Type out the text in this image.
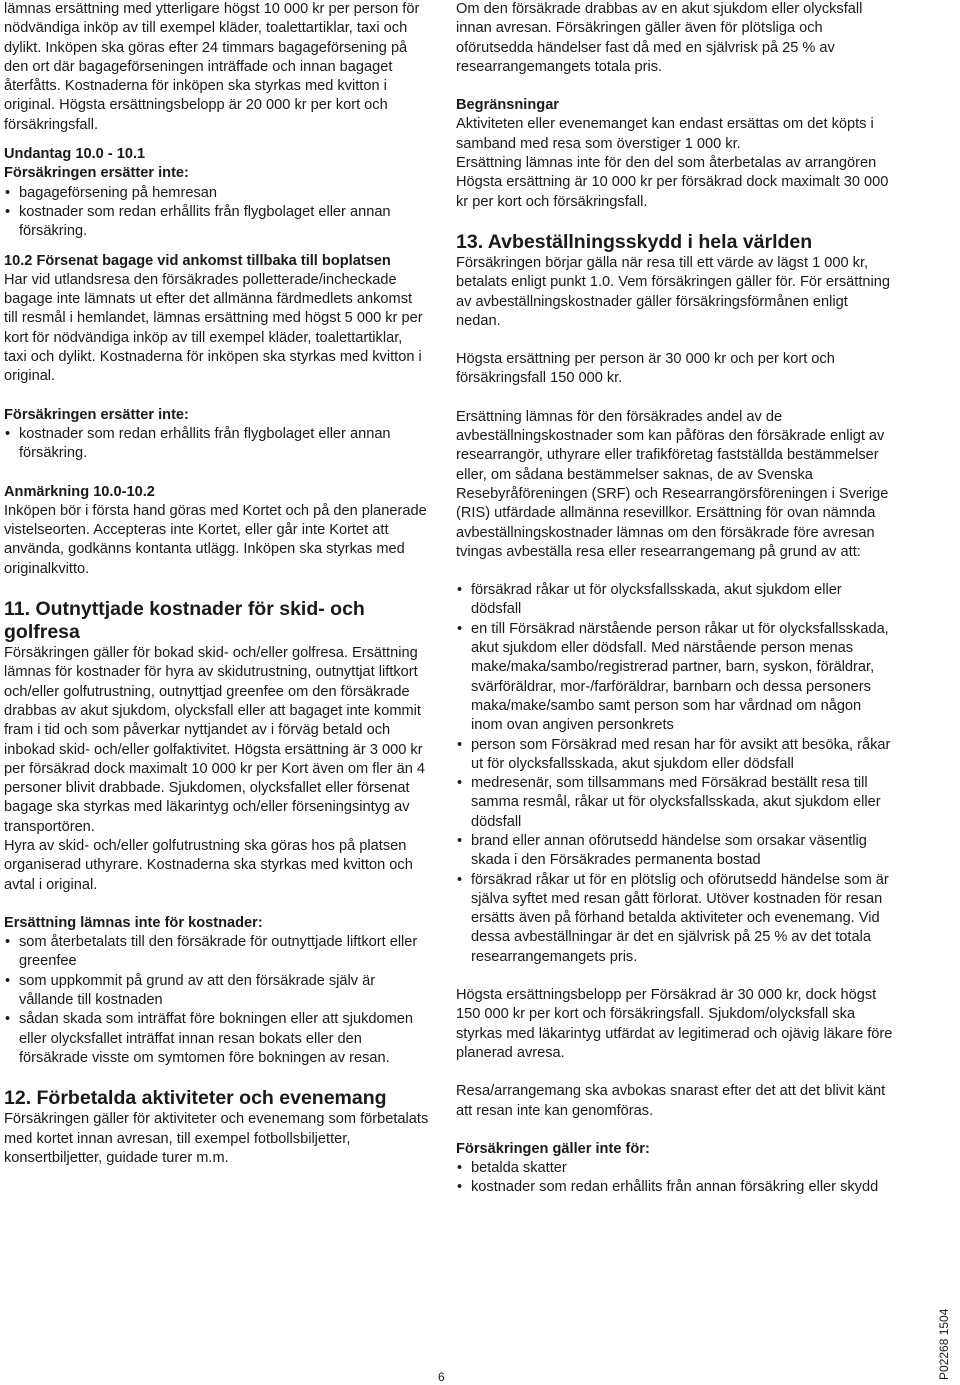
lämnas ersättning med ytterligare högst 10 000 kr per person för nödvändiga inköp av till exempel kläder, toalettartiklar, taxi och dylikt. Inköpen ska göras efter 24 timmars bagageförsening på den ort där bagageförseningen inträffade och innan bagaget återfåtts. Kostnaderna för inköpen ska styrkas med kvitton i original. Högsta ersättningsbelopp är 20 000 kr per kort och försäkringsfall.

Undantag 10.0 - 10.1

Försäkringen ersätter inte:

• bagageförsening på hemresan
• kostnader som redan erhållits från flygbolaget eller annan försäkring.

10.2 Försenat bagage vid ankomst tillbaka till boplatsen

Har vid utlandsresa den försäkrades polletterade/incheckade bagage inte lämnats ut efter det allmänna färdmedlets ankomst till resmål i hemlandet, lämnas ersättning med högst 5 000 kr per kort för nödvändiga inköp av till exempel kläder, toalettartiklar, taxi och dylikt. Kostnaderna för inköpen ska styrkas med kvitton i original.

Försäkringen ersätter inte:

• kostnader som redan erhållits från flygbolaget eller annan försäkring.

Anmärkning 10.0-10.2

Inköpen bör i första hand göras med Kortet och på den planerade vistelseorten. Accepteras inte Kortet, eller går inte Kortet att använda, godkänns kontanta utlägg. Inköpen ska styrkas med originalkvitto.

11. Outnyttjade kostnader för skid- och golfresa

Försäkringen gäller för bokad skid- och/eller golfresa. Ersättning lämnas för kostnader för hyra av skidutrustning, outnyttjat liftkort och/eller golfutrustning, outnyttjad greenfee om den försäkrade drabbas av akut sjukdom, olycksfall eller att bagaget inte kommit fram i tid och som påverkar nyttjandet av i förväg betald och inbokad skid- och/eller golfaktivitet. Högsta ersättning är 3 000 kr per försäkrad dock maximalt 10 000 kr per Kort även om fler än 4 personer blivit drabbade. Sjukdomen, olycksfallet eller försenat bagage ska styrkas med läkarintyg och/eller förseningsintyg av transportören.

Hyra av skid- och/eller golfutrustning ska göras hos på platsen organiserad uthyrare. Kostnaderna ska styrkas med kvitton och avtal i original.

Ersättning lämnas inte för kostnader:

• som återbetalats till den försäkrade för outnyttjade liftkort eller greenfee
• som uppkommit på grund av att den försäkrade själv är vållande till kostnaden
• sådan skada som inträffat före bokningen eller att sjukdomen eller olycksfallet inträffat innan resan bokats eller den försäkrade visste om symtomen före bokningen av resan.

12. Förbetalda aktiviteter och evenemang

Försäkringen gäller för aktiviteter och evenemang som förbetalats med kortet innan avresan, till exempel fotbollsbiljetter, konsertbiljetter, guidade turer m.m.

Om den försäkrade drabbas av en akut sjukdom eller olycksfall innan avresan. Försäkringen gäller även för plötsliga och oförutsedda händelser fast då med en självrisk på 25 % av researrangemangets totala pris.

Begränsningar

Aktiviteten eller evenemanget kan endast ersättas om det köpts i samband med resa som överstiger 1 000 kr.

Ersättning lämnas inte för den del som återbetalas av arrangören

Högsta ersättning är 10 000 kr per försäkrad dock maximalt 30 000 kr per kort och försäkringsfall.

13. Avbeställningsskydd i hela världen

Försäkringen börjar gälla när resa till ett värde av lägst 1 000 kr, betalats enligt punkt 1.0. Vem försäkringen gäller för. För ersättning av avbeställningskostnader gäller försäkringsförmånen enligt nedan.

Högsta ersättning per person är 30 000 kr och per kort och försäkringsfall 150 000 kr.

Ersättning lämnas för den försäkrades andel av de avbeställningskostnader som kan påföras den försäkrade enligt av researrangör, uthyrare eller trafikföretag fastställda bestämmelser eller, om sådana bestämmelser saknas, de av Svenska Resebyråföreningen (SRF) och Researrangörsföreningen i Sverige (RIS) utfärdade allmänna resevillkor. Ersättning för ovan nämnda avbeställningskostnader lämnas om den försäkrade före avresan tvingas avbeställa resa eller researrangemang på grund av att:

• försäkrad råkar ut för olycksfallsskada, akut sjukdom eller dödsfall
• en till Försäkrad närstående person råkar ut för olycksfallsskada, akut sjukdom eller dödsfall. Med närstående person menas make/maka/sambo/registrerad partner, barn, syskon, föräldrar, svärföräldrar, mor-/farföräldrar, barnbarn och dessa personers maka/make/sambo samt person som har vårdnad om någon inom ovan angiven personkrets
• person som Försäkrad med resan har för avsikt att besöka, råkar ut för olycksfallsskada, akut sjukdom eller dödsfall
• medresenär, som tillsammans med Försäkrad beställt resa till samma resmål, råkar ut för olycksfallsskada, akut sjukdom eller dödsfall
• brand eller annan oförutsedd händelse som orsakar väsentlig skada i den Försäkrades permanenta bostad
• försäkrad råkar ut för en plötslig och oförutsedd händelse som är själva syftet med resan gått förlorat. Utöver kostnaden för resan ersätts även på förhand betalda aktiviteter och evenemang. Vid dessa avbeställningar är det en självrisk på 25 % av det totala researrangemangets pris.

Högsta ersättningsbelopp per Försäkrad är 30 000 kr, dock högst 150 000 kr per kort och försäkringsfall. Sjukdom/olycksfall ska styrkas med läkarintyg utfärdat av legitimerad och ojävig läkare före planerad avresa.

Resa/arrangemang ska avbokas snarast efter det att det blivit känt att resan inte kan genomföras.

Försäkringen gäller inte för:

• betalda skatter
• kostnader som redan erhållits från annan försäkring eller skydd
6	P02268 1504
